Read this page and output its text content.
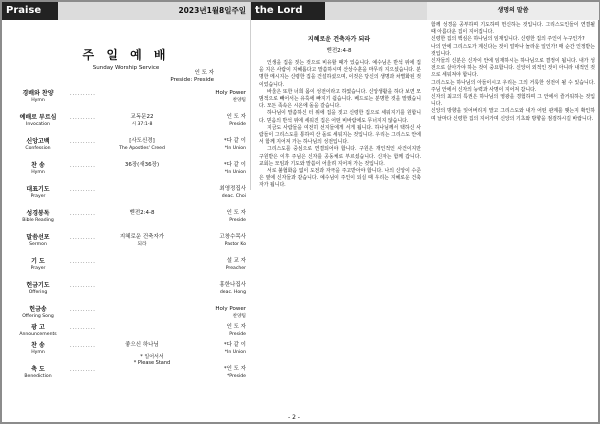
Praise	2023년1월8일주일
주 일 예 배
Sunday Worship Service
인 도 자
Preside: Preside
경배와 찬양
Hymn
··········	Holy Power
찬양팀
예배로 부르심
Invocation
··········	교독문22
시 37:1-8
인 도 자
Preside
신앙고백
Confession
··········	[사도신경]
The Apostles' Creed
*다 같 이
*In Union
찬 송
Hymn
··········	36장(새36장)	*다 같 이
*In Union
대표기도
Prayer
··········	최영정집사
deac. Choi
성경봉독
Bible Reading
··········	벧전2:4-8	인 도 자
Preside
말씀선포
Sermon
··········	지혜로운 건축자가
되라
고창수목사
Pastor Ko
기 도
Prayer
··········	설 교 자
Preacher
헌금기도
Offering
··········	홍한나집사
deac. Hong
헌금송
Offering Song
··········	Holy Power
찬양팀
광 고
Announcements
··········	인 도 자
Preside
찬 송
Hymn
··········	좋으신 하나님	*다 같 이
*In Union
축 도
Benediction
··········	*인 도 자
*Preside
* 일어서서
* Please Stand
the Lord
지혜로운 건축자가 되라
벧전2:4-8

인생을 집을 짓는 것으로 비유할 때가 있습니다. 예수님은 반석 위에 집을 지은 사람이 지혜롭다고 말씀하시며 산상수훈을 마무리 지으셨습니다. 분명한 메시지는 신령한 집을 건설하셨으며, 이것은 당신의 생명과 차별화된 것이었습니다.

바울은 또한 너희 몸이 성전이라고 하였습니다. 신앙생활을 하다 보면 모범적으로 빼어서는 유혹에 빠지기 쉽습니다. 베드로는 분명한 것을 말했습니다. 모든 족속은 시온에 돌을 갈습니다.

하나님이 말씀하신 터 위에 집을 짓고 신령한 집으로 세워지기를 원합니다. 믿음의 반석 위에 세워진 집은 어떤 비바람에도 무너지지 않습니다.

지금도 사람들을 여전히 선지들에게 서게 됩니다. 하나님께서 택하신 사람들이 그리스도를 통하여 산 돌로 세워지는 것입니다. 우리는 그리스도 안에서 함께 지어져 가는 하나님의 성전입니다.

그리스도를 중심으로 연결되어야 합니다. 구원은 개인적인 사건이지만 구원받은 이후 주님은 신자를 공동체로 부르셨습니다. 신자는 함께 갑니다. 교회는 모임과 기도와 말씀이 어울려 지어져 가는 것입니다.

서로 불협화음 없이 도전과 자극을 주고받아야 합니다. 나의 신앙이 수준은 옆에 신자들과 같습니다. 예수님이 주인이 되실 때 우리는 지혜로운 건축자가 됩니다.

생명의 말씀

함께 성경을 공부하며 기도하며 헌신하는 것입니다. 그리스도인들이 연결될 때 아름다운 집이 지어집니다.

신령한 집의 핵심은 하나님의 임재입니다. 신령한 집의 주인이 누구인가?

나의 안에 그리스도가 계신다는 것이 얼마나 놀라운 일인가! 매 순간 인정받는 것입니다.

신자들의 신분은 신자이 안에 임재하시는 하나님으로 결정이 됩니다. 내가 성전으로 살아가야 하는 것이 중요합니다. 신앙이 외적인 것이 아니라 내적인 것으로 세워져야 합니다.

그리스도는 하나님의 아들이시고 우리는 그의 거룩한 성전이 될 수 있습니다. 주님 안에서 신자의 능력과 사명이 지어져 갑니다.

신자의 최고의 특권은 하나님의 영광을 경험하며 그 안에서 즐거워하는 것입니다.

신앙의 방향을 잊어버리지 말고 그리스도와 내가 어떤 관계를 맺는지 확인하며 날마다 신령한 집의 지어가며 신앙의 기초와 방향을 점검하시길 바랍니다.

- 2 -
